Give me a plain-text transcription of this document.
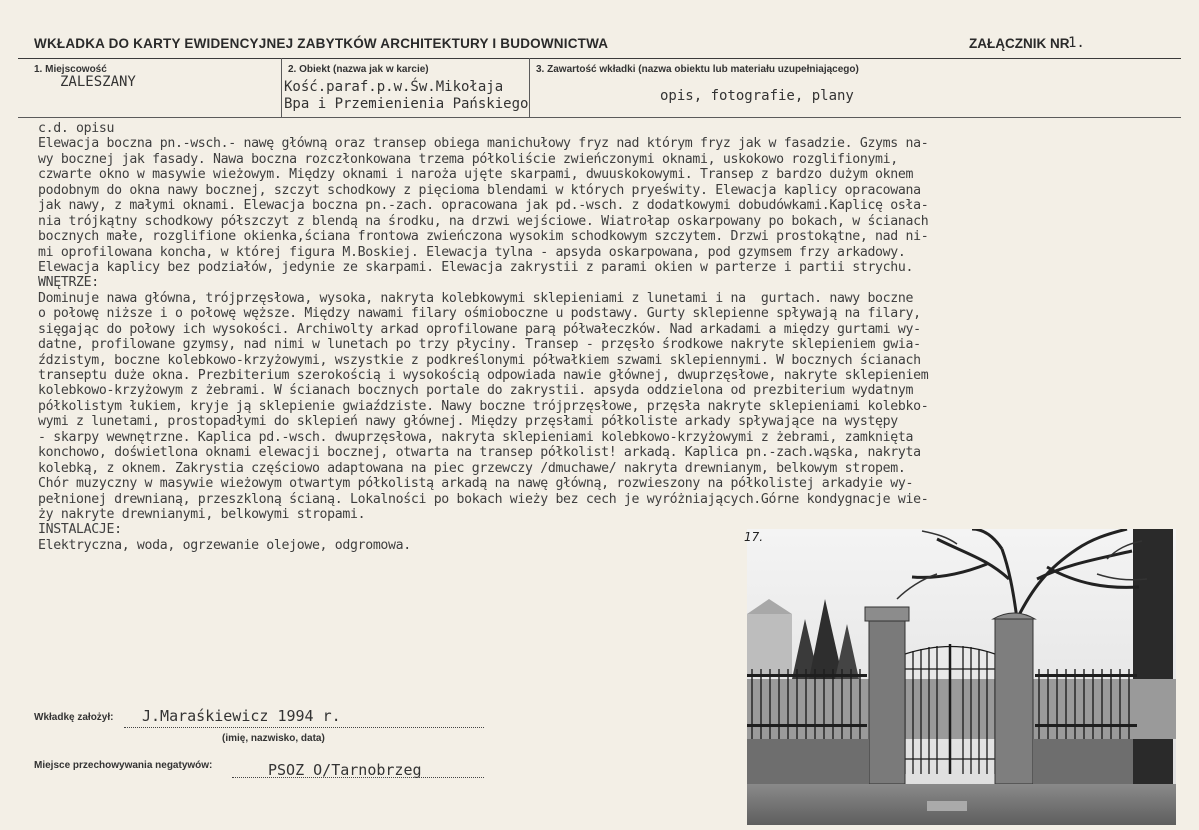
WKŁADKA DO KARTY EWIDENCYJNEJ ZABYTKÓW ARCHITEKTURY I BUDOWNICTWA	ZAŁĄCZNIK NR
1.
1. Miejscowość
ZALESZANY
2. Obiekt (nazwa jak w karcie)
Kość.paraf.p.w.Św.Mikołaja
Bpa i Przemienienia Pańskiego
3. Zawartość wkładki (nazwa obiektu lub materiału uzupełniającego)
opis, fotografie, plany
c.d. opisu
Elewacja boczna pn.-wsch.- nawę główną oraz transep obiega manichułowy fryz nad którym fryz jak w fasadzie. Gzyms na-
wy bocznej jak fasady. Nawa boczna rozczłonkowana trzema półkoliście zwieńczonymi oknami, uskokowo rozglifionymi,
czwarte okno w masywie wieżowym. Między oknami i naroża ujęte skarpami, dwuuskokowymi. Transep z bardzo dużym oknem
podobnym do okna nawy bocznej, szczyt schodkowy z pięcioma blendami w których pryeświty. Elewacja kaplicy opracowana
jak nawy, z małymi oknami. Elewacja boczna pn.-zach. opracowana jak pd.-wsch. z dodatkowymi dobudówkami.Kaplicę osła-
nia trójkątny schodkowy półszczyt z blendą na środku, na drzwi wejściowe. Wiatrołap oskarpowany po bokach, w ścianach
bocznych małe, rozglifione okienka,ściana frontowa zwieńczona wysokim schodkowym szczytem. Drzwi prostokątne, nad ni-
mi oprofilowana koncha, w której figura M.Boskiej. Elewacja tylna - apsyda oskarpowana, pod gzymsem frzy arkadowy.
Elewacja kaplicy bez podziałów, jedynie ze skarpami. Elewacja zakrystii z parami okien w parterze i partii strychu.
WNĘTRZE:
Dominuje nawa główna, trójprzęsłowa, wysoka, nakryta kolebkowymi sklepieniami z lunetami i na  gurtach. nawy boczne
o połowę niższe i o połowę węższe. Między nawami filary ośmioboczne u podstawy. Gurty sklepienne spływają na filary,
sięgając do połowy ich wysokości. Archiwolty arkad oprofilowane parą półwałeczków. Nad arkadami a między gurtami wy-
datne, profilowane gzymsy, nad nimi w lunetach po trzy płyciny. Transep - przęsło środkowe nakryte sklepieniem gwia-
ździstym, boczne kolebkowo-krzyżowymi, wszystkie z podkreślonymi półwałkiem szwami sklepiennymi. W bocznych ścianach
transeptu duże okna. Prezbiterium szerokością i wysokością odpowiada nawie głównej, dwuprzęsłowe, nakryte sklepieniem
kolebkowo-krzyżowym z żebrami. W ścianach bocznych portale do zakrystii. apsyda oddzielona od prezbiterium wydatnym
półkolistym łukiem, kryje ją sklepienie gwiaździste. Nawy boczne trójprzęsłowe, przęsła nakryte sklepieniami kolebko-
wymi z lunetami, prostopadłymi do sklepień nawy głównej. Między przęsłami półkoliste arkady spływające na występy
- skarpy wewnętrzne. Kaplica pd.-wsch. dwuprzęsłowa, nakryta sklepieniami kolebkowo-krzyżowymi z żebrami, zamknięta
konchowo, doświetlona oknami elewacji bocznej, otwarta na transep półkolist! arkadą. Kaplica pn.-zach.wąska, nakryta
kolebką, z oknem. Zakrystia częściowo adaptowana na piec grzewczy /dmuchawe/ nakryta drewnianym, belkowym stropem.
Chór muzyczny w masywie wieżowym otwartym półkolistą arkadą na nawę główną, rozwieszony na półkolistej arkadyie wy-
pełnionej drewnianą, przeszkloną ścianą. Lokalności po bokach wieży bez cech je wyróżniających.Górne kondygnacje wie-
ży nakryte drewnianymi, belkowymi stropami.
INSTALACJE:
Elektryczna, woda, ogrzewanie olejowe, odgromowa.
17.
Wkładkę założył: J.Maraśkiewicz 1994 r.
(imię, nazwisko, data)
Miejsce przechowywania negatywów:	PSOZ O/Tarnobrzeg
